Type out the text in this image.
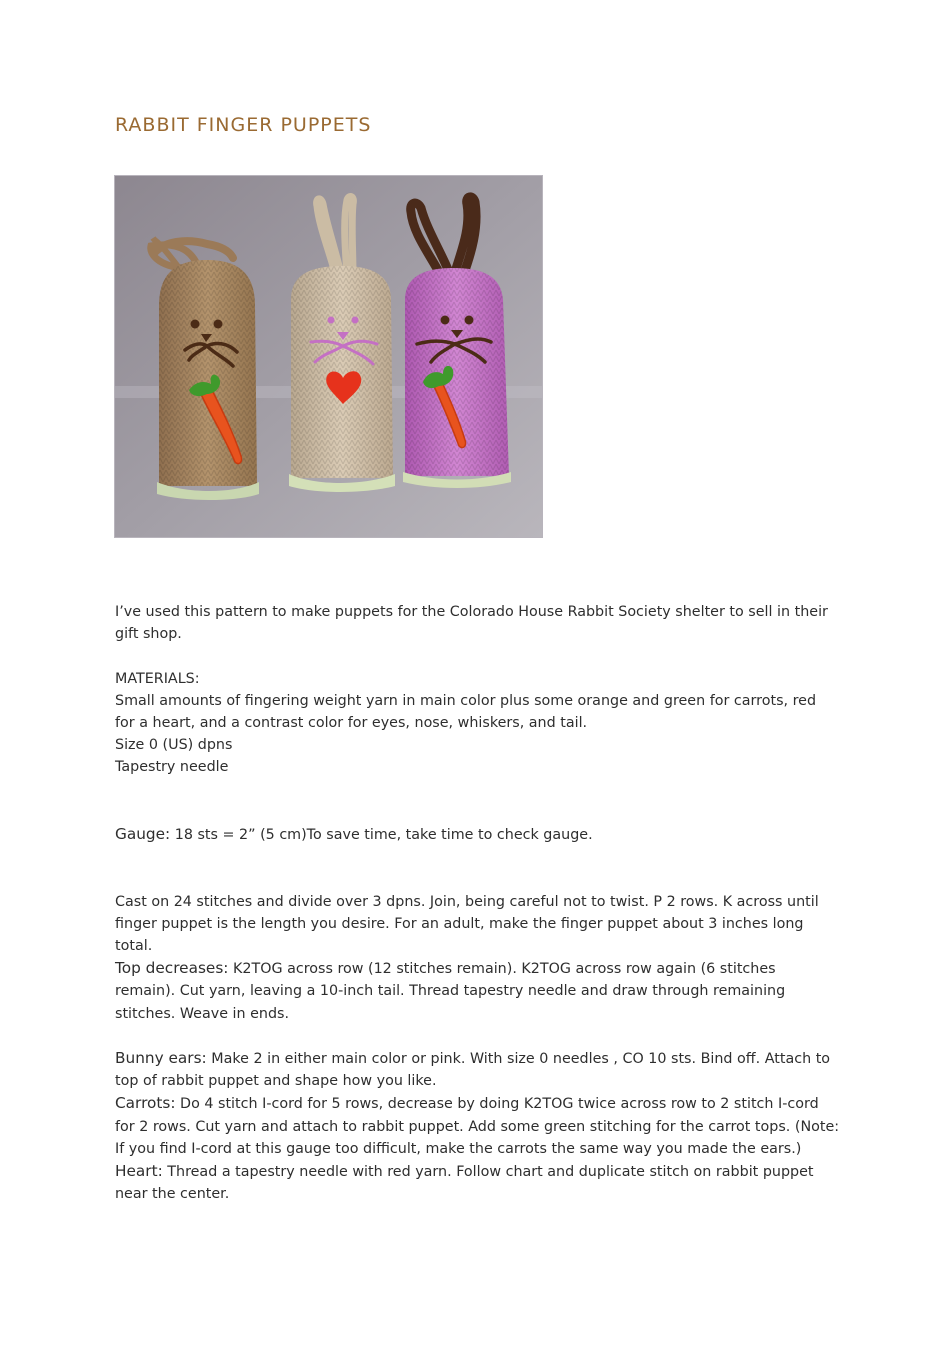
RABBIT FINGER PUPPETS

I’ve used this pattern to make puppets for the Colorado House Rabbit Society shelter to sell in their gift shop.

MATERIALS:

Small amounts of fingering weight yarn in main color plus some orange and green for carrots, red for a heart, and a contrast color for eyes, nose, whiskers, and tail.

Size 0 (US) dpns

Tapestry needle

Gauge: 18 sts = 2” (5 cm)To save time, take time to check gauge.

Cast on 24 stitches and divide over 3 dpns. Join, being careful not to twist. P 2 rows. K across until finger puppet is the length you desire. For an adult, make the finger puppet about 3 inches long total.

Top decreases: K2TOG across row (12 stitches remain). K2TOG across row again (6 stitches remain). Cut yarn, leaving a 10-inch tail. Thread tapestry needle and draw through remaining stitches. Weave in ends.

Bunny ears: Make 2 in either main color or pink. With size 0 needles , CO 10 sts. Bind off. Attach to top of rabbit puppet and shape how you like.

Carrots: Do 4 stitch I-cord for 5 rows, decrease by doing K2TOG twice across row to 2 stitch I-cord for 2 rows. Cut yarn and attach to rabbit puppet. Add some green stitching for the carrot tops. (Note: If you find I-cord at this gauge too difficult, make the carrots the same way you made the ears.)

Heart: Thread a tapestry needle with red yarn. Follow chart and duplicate stitch on rabbit puppet near the center.
